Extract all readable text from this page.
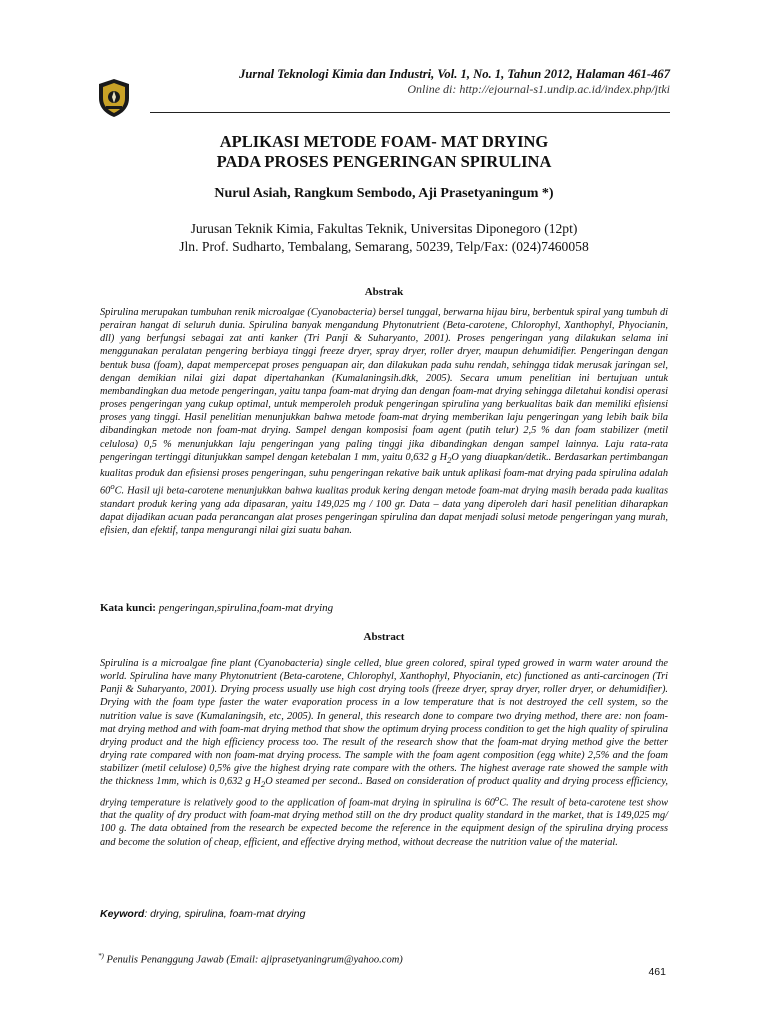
Jurnal Teknologi Kimia dan Industri, Vol. 1, No. 1, Tahun 2012, Halaman 461-467
Online di: http://ejournal-s1.undip.ac.id/index.php/jtki
APLIKASI METODE FOAM- MAT DRYING
PADA PROSES PENGERINGAN SPIRULINA
Nurul Asiah, Rangkum Sembodo, Aji Prasetyaningum *)
Jurusan Teknik Kimia, Fakultas Teknik, Universitas Diponegoro (12pt)
Jln. Prof. Sudharto, Tembalang, Semarang, 50239, Telp/Fax: (024)7460058
Abstrak

Spirulina merupakan tumbuhan renik microalgae (Cyanobacteria) bersel tunggal, berwarna hijau biru, berbentuk spiral yang tumbuh di perairan hangat di seluruh dunia. Spirulina banyak mengandung Phytonutrient (Beta-carotene, Chlorophyl, Xanthophyl, Phyocianin, dll) yang berfungsi sebagai zat anti kanker (Tri Panji & Suharyanto, 2001). Proses pengeringan yang dilakukan selama ini menggunakan peralatan pengering berbiaya tinggi freeze dryer, spray dryer, roller dryer, maupun dehumidifier. Pengeringan dengan bentuk busa (foam), dapat mempercepat proses penguapan air, dan dilakukan pada suhu rendah, sehingga tidak merusak jaringan sel, dengan demikian nilai gizi dapat dipertahankan (Kumalaningsih.dkk, 2005). Secara umum penelitian ini bertujuan untuk membandingkan dua metode pengeringan, yaitu tanpa foam-mat drying dan dengan foam-mat drying sehingga diletahui kondisi operasi proses pengeringan yang cukup optimal, untuk memperoleh produk pengeringan spirulina yang berkualitas baik dan memiliki efisiensi proses yang tinggi. Hasil penelitian menunjukkan bahwa metode foam-mat drying memberikan laju pengeringan yang lebih baik bila dibandingkan metode non foam-mat drying. Sampel dengan komposisi foam agent (putih telur) 2,5 % dan foam stabilizer (metil celulosa) 0,5 % menunjukkan laju pengeringan yang paling tinggi jika dibandingkan dengan sampel lainnya. Laju rata-rata pengeringan tertinggi ditunjukkan sampel dengan ketebalan 1 mm, yaitu 0,632 g $H_2O$ yang diuapkan/detik.. Berdasarkan pertimbangan kualitas produk dan efisiensi proses pengeringan, suhu pengeringan rekative baik untuk aplikasi foam-mat drying pada spirulina adalah 60$^o$C. Hasil uji beta-carotene menunjukkan bahwa kualitas produk kering dengan metode foam-mat drying masih berada pada kualitas standart produk kering yang ada dipasaran, yaitu 149,025 mg / 100 gr. Data – data yang diperoleh dari hasil penelitian diharapkan dapat dijadikan acuan pada perancangan alat proses pengeringan spirulina dan dapat menjadi solusi metode pengeringan yang murah, efisien, dan efektif, tanpa mengurangi nilai gizi suatu bahan.

Kata kunci: pengeringan,spirulina,foam-mat drying
Abstract

Spirulina is a microalgae fine plant (Cyanobacteria) single celled, blue green colored, spiral typed growed in warm water around the world. Spirulina have many Phytonutrient (Beta-carotene, Chlorophyl, Xanthophyl, Phyocianin, etc) functioned as anti-carcinogen (Tri Panji & Suharyanto, 2001). Drying process usually use high cost drying tools (freeze dryer, spray dryer, roller dryer, or dehumidifier). Drying with the foam type faster the water evaporation process in a low temperature that is not destroyed the cell system, so the nutrition value is save (Kumalaningsih, etc, 2005). In general, this research done to compare two drying method, there are: non foam-mat drying method and with foam-mat drying method that show the optimum drying process condition to get the high quality of spirulina drying product and the high efficiency process too. The result of the research show that the foam-mat drying method give the better drying rate compared with non foam-mat drying process. The sample with the foam agent composition (egg white) 2,5% and the foam stabilizer (metil celulose) 0,5% give the highest drying rate compare with the others. The highest average rate showed the sample with the thickness 1mm, which is 0,632 g $H_2O$ steamed per second.. Based on consideration of product quality and drying process efficiency, drying temperature is relatively good to the application of foam-mat drying in spirulina is 60$^o$C. The result of beta-carotene test show that the quality of dry product with foam-mat drying method still on the dry product quality standard in the market, that is 149,025 mg/ 100 g. The data obtained from the research be expected become the reference in the equipment design of the spirulina drying process and become the solution of cheap, efficient, and effective drying method, without decrease the nutrition value of the material.

Keyword: drying, spirulina, foam-mat drying
*) Penulis Penanggung Jawab (Email: ajiprasetyaningrum@yahoo.com)
461
